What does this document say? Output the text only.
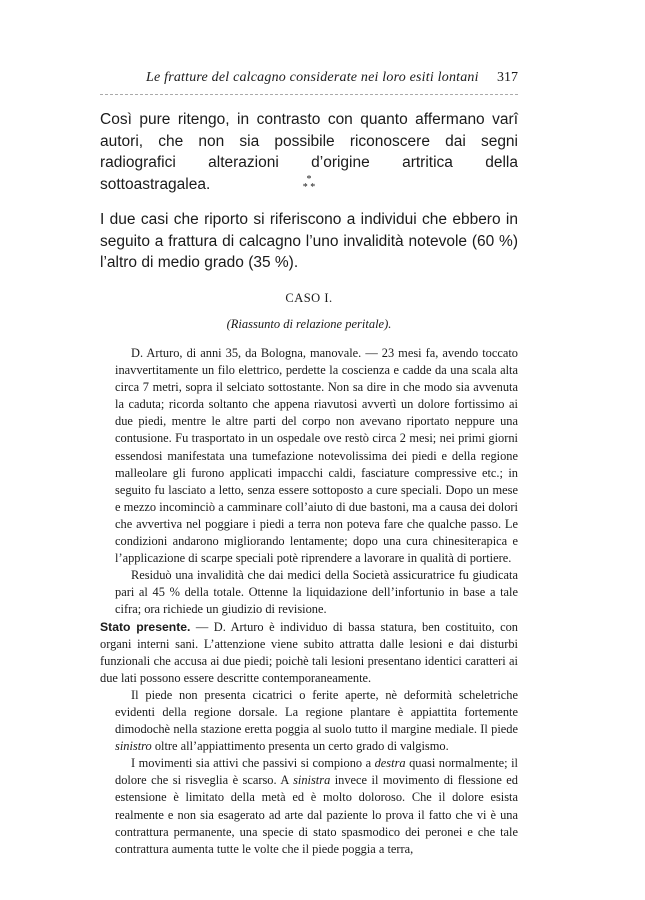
Le fratture del calcagno considerate nei loro esiti lontani 317
Così pure ritengo, in contrasto con quanto affermano varî autori, che non sia possibile riconoscere dai segni radiografici alterazioni d’origine artritica della sottoastragalea.	*
* *
I due casi che riporto si riferiscono a individui che ebbero in seguito a frattura di calcagno l’uno invalidità notevole (60 %) l’altro di medio grado (35 %).
CASO I.
(Riassunto di relazione peritale).

D. Arturo, di anni 35, da Bologna, manovale. — 23 mesi fa, avendo toccato inavvertitamente un filo elettrico, perdette la coscienza e cadde da una scala alta circa 7 metri, sopra il selciato sottostante. Non sa dire in che modo sia avvenuta la caduta; ricorda soltanto che appena riavutosi avvertì un dolore fortissimo ai due piedi, mentre le altre parti del corpo non avevano riportato neppure una contusione. Fu trasportato in un ospedale ove restò circa 2 mesi; nei primi giorni essendosi manifestata una tumefazione notevolissima dei piedi e della regione malleolare gli furono applicati impacchi caldi, fasciature compressive etc.; in seguito fu lasciato a letto, senza essere sottoposto a cure speciali. Dopo un mese e mezzo incominciò a camminare coll’aiuto di due bastoni, ma a causa dei dolori che avvertiva nel poggiare i piedi a terra non poteva fare che qualche passo. Le condizioni andarono migliorando lentamente; dopo una cura chinesiterapica e l’applicazione di scarpe speciali potè riprendere a lavorare in qualità di portiere.

Residuò una invalidità che dai medici della Società assicuratrice fu giudicata pari al 45 % della totale. Ottenne la liquidazione dell’infortunio in base a tale cifra; ora richiede un giudizio di revisione.

Stato presente. — D. Arturo è individuo di bassa statura, ben costituito, con organi interni sani. L’attenzione viene subito attratta dalle lesioni e dai disturbi funzionali che accusa ai due piedi; poichè tali lesioni presentano identici caratteri ai due lati possono essere descritte contemporaneamente.

Il piede non presenta cicatrici o ferite aperte, nè deformità scheletriche evidenti della regione dorsale. La regione plantare è appiattita fortemente dimodochè nella stazione eretta poggia al suolo tutto il margine mediale. Il piede sinistro oltre all’appiattimento presenta un certo grado di valgismo.

I movimenti sia attivi che passivi si compiono a destra quasi normalmente; il dolore che si risveglia è scarso. A sinistra invece il movimento di flessione ed estensione è limitato della metà ed è molto doloroso. Che il dolore esista realmente e non sia esagerato ad arte dal paziente lo prova il fatto che vi è una contrattura permanente, una specie di stato spasmodico dei peronei e che tale contrattura aumenta tutte le volte che il piede poggia a terra,
